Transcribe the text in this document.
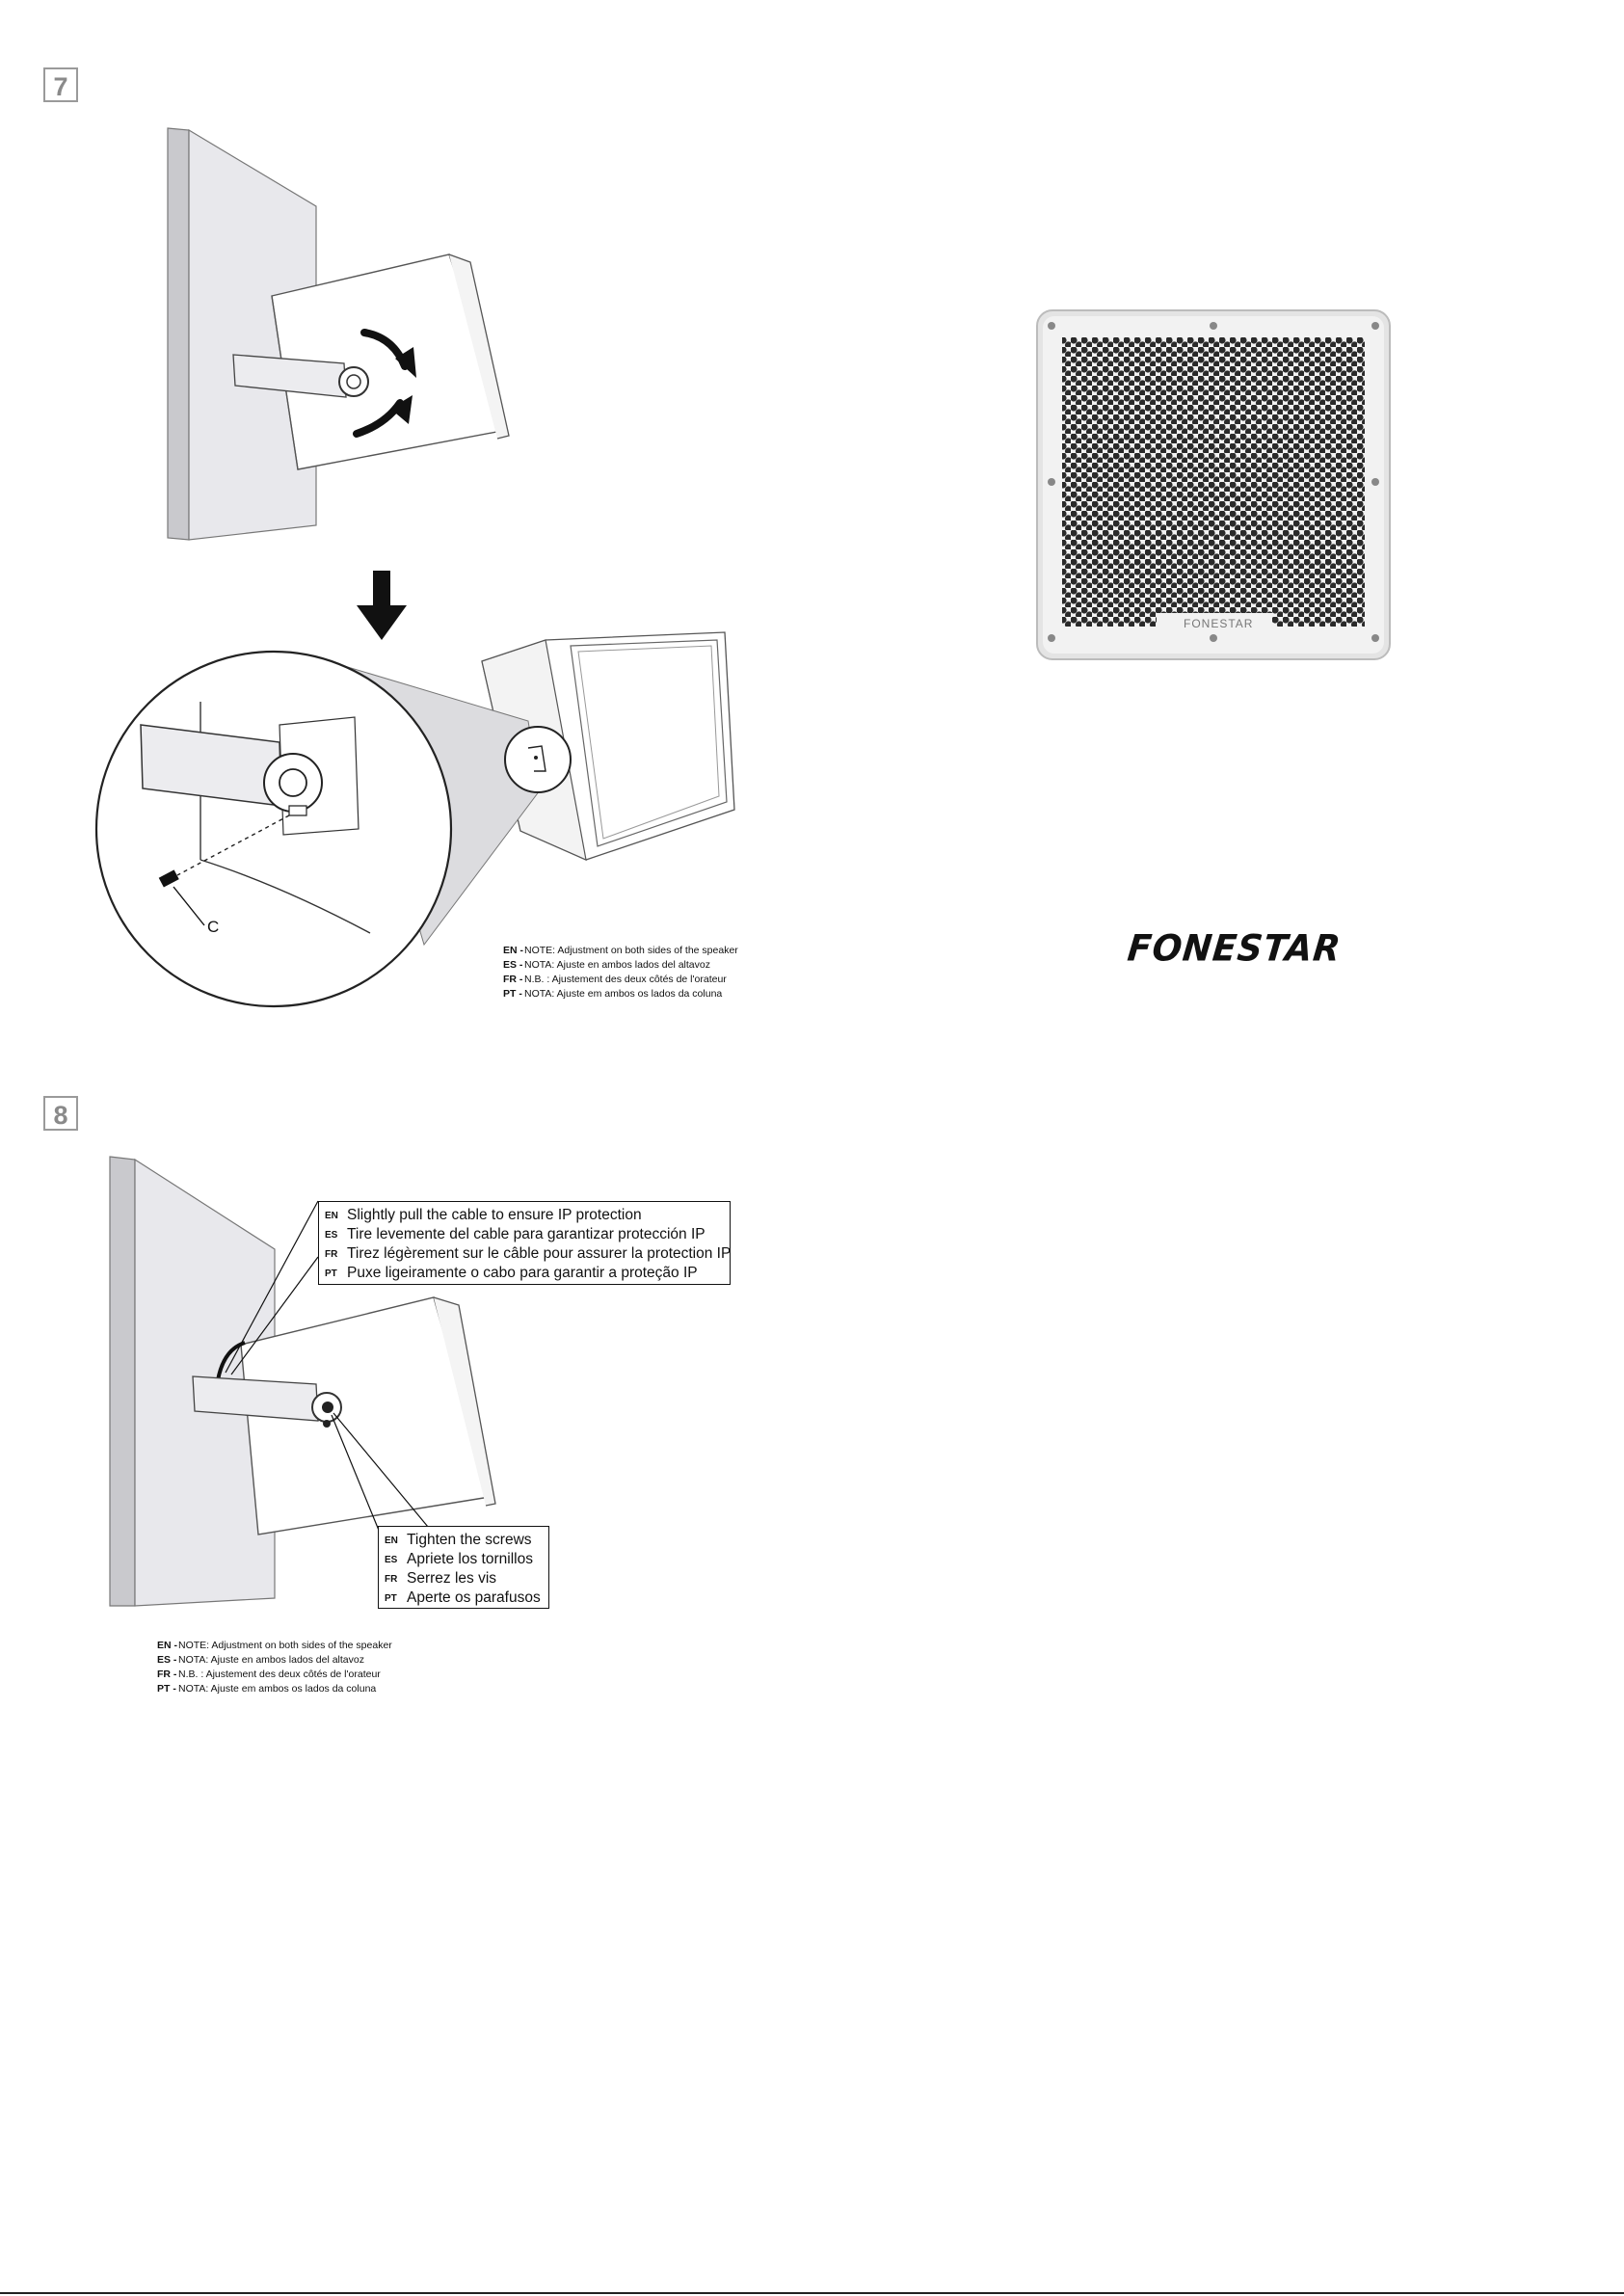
7
8
C
EN -NOTE: Adjustment on both sides of the speaker
ES - NOTA: Ajuste en ambos lados del altavoz
FR - N.B. : Ajustement des deux côtés de l'orateur
PT - NOTA: Ajuste em ambos os lados da coluna
EN Slightly pull the cable to ensure IP protection
ES Tire levemente del cable para garantizar protección IP
FR Tirez légèrement sur le câble pour assurer la protection IP
PT Puxe ligeiramente o cabo para garantir a proteção IP
EN Tighten the screws
ES Apriete los tornillos
FR Serrez les vis
PT Aperte os parafusos
EN -NOTE: Adjustment on both sides of the speaker
ES - NOTA: Ajuste en ambos lados del altavoz
FR - N.B. : Ajustement des deux côtés de l'orateur
PT - NOTA: Ajuste em ambos os lados da coluna
FONESTAR
FONESTAR
